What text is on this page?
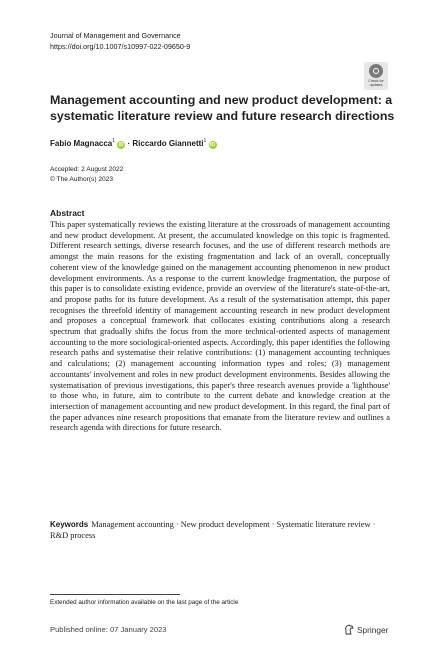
Journal of Management and Governance
https://doi.org/10.1007/s10997-022-09650-9
Check for
updates
Management accounting and new product development: a systematic literature review and future research directions
Fabio Magnacca$^1$ iD · Riccardo Giannetti$^1$ iD
Accepted: 2 August 2022
© The Author(s) 2023
Abstract

This paper systematically reviews the existing literature at the crossroads of management accounting and new product development. At present, the accumulated knowledge on this topic is fragmented. Different research settings, diverse research focuses, and the use of different research methods are amongst the main reasons for the existing fragmentation and lack of an overall, conceptually coherent view of the knowledge gained on the management accounting phenomenon in new product development environments. As a response to the current knowledge fragmentation, the purpose of this paper is to consolidate existing evidence, provide an overview of the literature's state-of-the-art, and propose paths for its future development. As a result of the systematisation attempt, this paper recognises the threefold identity of management accounting research in new product development and proposes a conceptual framework that collocates existing contributions along a research spectrum that gradually shifts the focus from the more technical-oriented aspects of management accounting to the more sociological-oriented aspects. Accordingly, this paper identifies the following research paths and systematise their relative contributions: (1) management accounting techniques and calculations; (2) management accounting information types and roles; (3) management accountants' involvement and roles in new product development environments. Besides allowing the systematisation of previous investigations, this paper's three research avenues provide a 'lighthouse' to those who, in future, aim to contribute to the current debate and knowledge creation at the intersection of management accounting and new product development. In this regard, the final part of the paper advances nine research propositions that emanate from the literature review and outlines a research agenda with directions for future research.

Keywords Management accounting · New product development · Systematic literature review · R&D process
Extended author information available on the last page of the article
Published online: 07 January 2023	Springer
